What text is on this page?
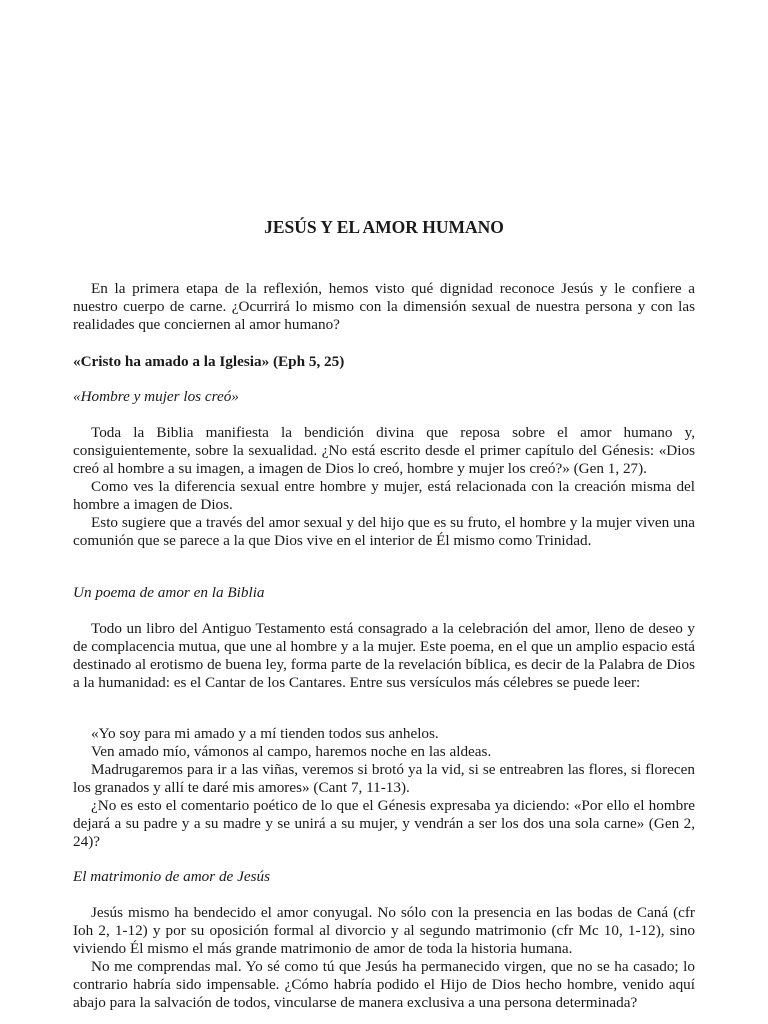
JESÚS Y EL AMOR HUMANO

En la primera etapa de la reflexión, hemos visto qué dignidad reconoce Jesús y le confiere a nuestro cuerpo de carne. ¿Ocurrirá lo mismo con la dimensión sexual de nuestra persona y con las realidades que conciernen al amor humano?

«Cristo ha amado a la Iglesia» (Eph 5, 25)

«Hombre y mujer los creó»

Toda la Biblia manifiesta la bendición divina que reposa sobre el amor humano y, consiguientemente, sobre la sexualidad. ¿No está escrito desde el primer capítulo del Génesis: «Dios creó al hombre a su imagen, a imagen de Dios lo creó, hombre y mujer los creó?» (Gen 1, 27).

Como ves la diferencia sexual entre hombre y mujer, está relacionada con la creación misma del hombre a imagen de Dios.

Esto sugiere que a través del amor sexual y del hijo que es su fruto, el hombre y la mujer viven una comunión que se parece a la que Dios vive en el interior de Él mismo como Trinidad.

Un poema de amor en la Biblia

Todo un libro del Antiguo Testamento está consagrado a la celebración del amor, lleno de deseo y de complacencia mutua, que une al hombre y a la mujer. Este poema, en el que un amplio espacio está destinado al erotismo de buena ley, forma parte de la revelación bíblica, es decir de la Palabra de Dios a la humanidad: es el Cantar de los Cantares. Entre sus versículos más célebres se puede leer:

«Yo soy para mi amado y a mí tienden todos sus anhelos.

Ven amado mío, vámonos al campo, haremos noche en las aldeas.

Madrugaremos para ir a las viñas, veremos si brotó ya la vid, si se entreabren las flores, si florecen los granados y allí te daré mis amores» (Cant 7, 11-13).

¿No es esto el comentario poético de lo que el Génesis expresaba ya diciendo: «Por ello el hombre dejará a su padre y a su madre y se unirá a su mujer, y vendrán a ser los dos una sola carne» (Gen 2, 24)?

El matrimonio de amor de Jesús

Jesús mismo ha bendecido el amor conyugal. No sólo con la presencia en las bodas de Caná (cfr Ioh 2, 1-12) y por su oposición formal al divorcio y al segundo matrimonio (cfr Mc 10, 1-12), sino viviendo Él mismo el más grande matrimonio de amor de toda la historia humana.

No me comprendas mal. Yo sé como tú que Jesús ha permanecido virgen, que no se ha casado; lo contrario habría sido impensable. ¿Cómo habría podido el Hijo de Dios hecho hombre, venido aquí abajo para la salvación de todos, vincularse de manera exclusiva a una persona determinada?
